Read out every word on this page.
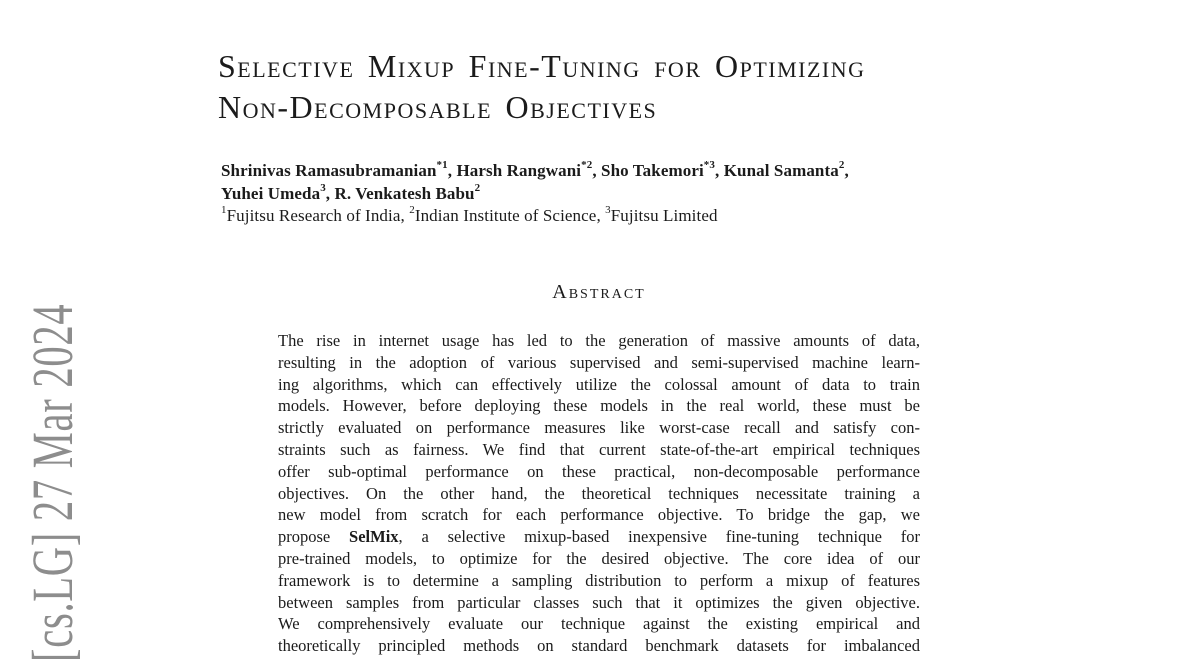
[cs.LG] 27 Mar 2024
Selective Mixup Fine-Tuning for Optimizing
Non-Decomposable Objectives
Shrinivas Ramasubramanian$^{*1}$, Harsh Rangwani$^{*2}$, Sho Takemori$^{*3}$, Kunal Samanta$^2$,
Yuhei Umeda$^3$, R. Venkatesh Babu$^2$
$^1$Fujitsu Research of India, $^2$Indian Institute of Science, $^3$Fujitsu Limited
Abstract
The rise in internet usage has led to the generation of massive amounts of data,
resulting in the adoption of various supervised and semi-supervised machine learn-
ing algorithms, which can effectively utilize the colossal amount of data to train
models. However, before deploying these models in the real world, these must be
strictly evaluated on performance measures like worst-case recall and satisfy con-
straints such as fairness. We find that current state-of-the-art empirical techniques
offer sub-optimal performance on these practical, non-decomposable performance
objectives. On the other hand, the theoretical techniques necessitate training a
new model from scratch for each performance objective. To bridge the gap, we
propose SelMix, a selective mixup-based inexpensive fine-tuning technique for
pre-trained models, to optimize for the desired objective. The core idea of our
framework is to determine a sampling distribution to perform a mixup of features
between samples from particular classes such that it optimizes the given objective.
We comprehensively evaluate our technique against the existing empirical and
theoretically principled methods on standard benchmark datasets for imbalanced
